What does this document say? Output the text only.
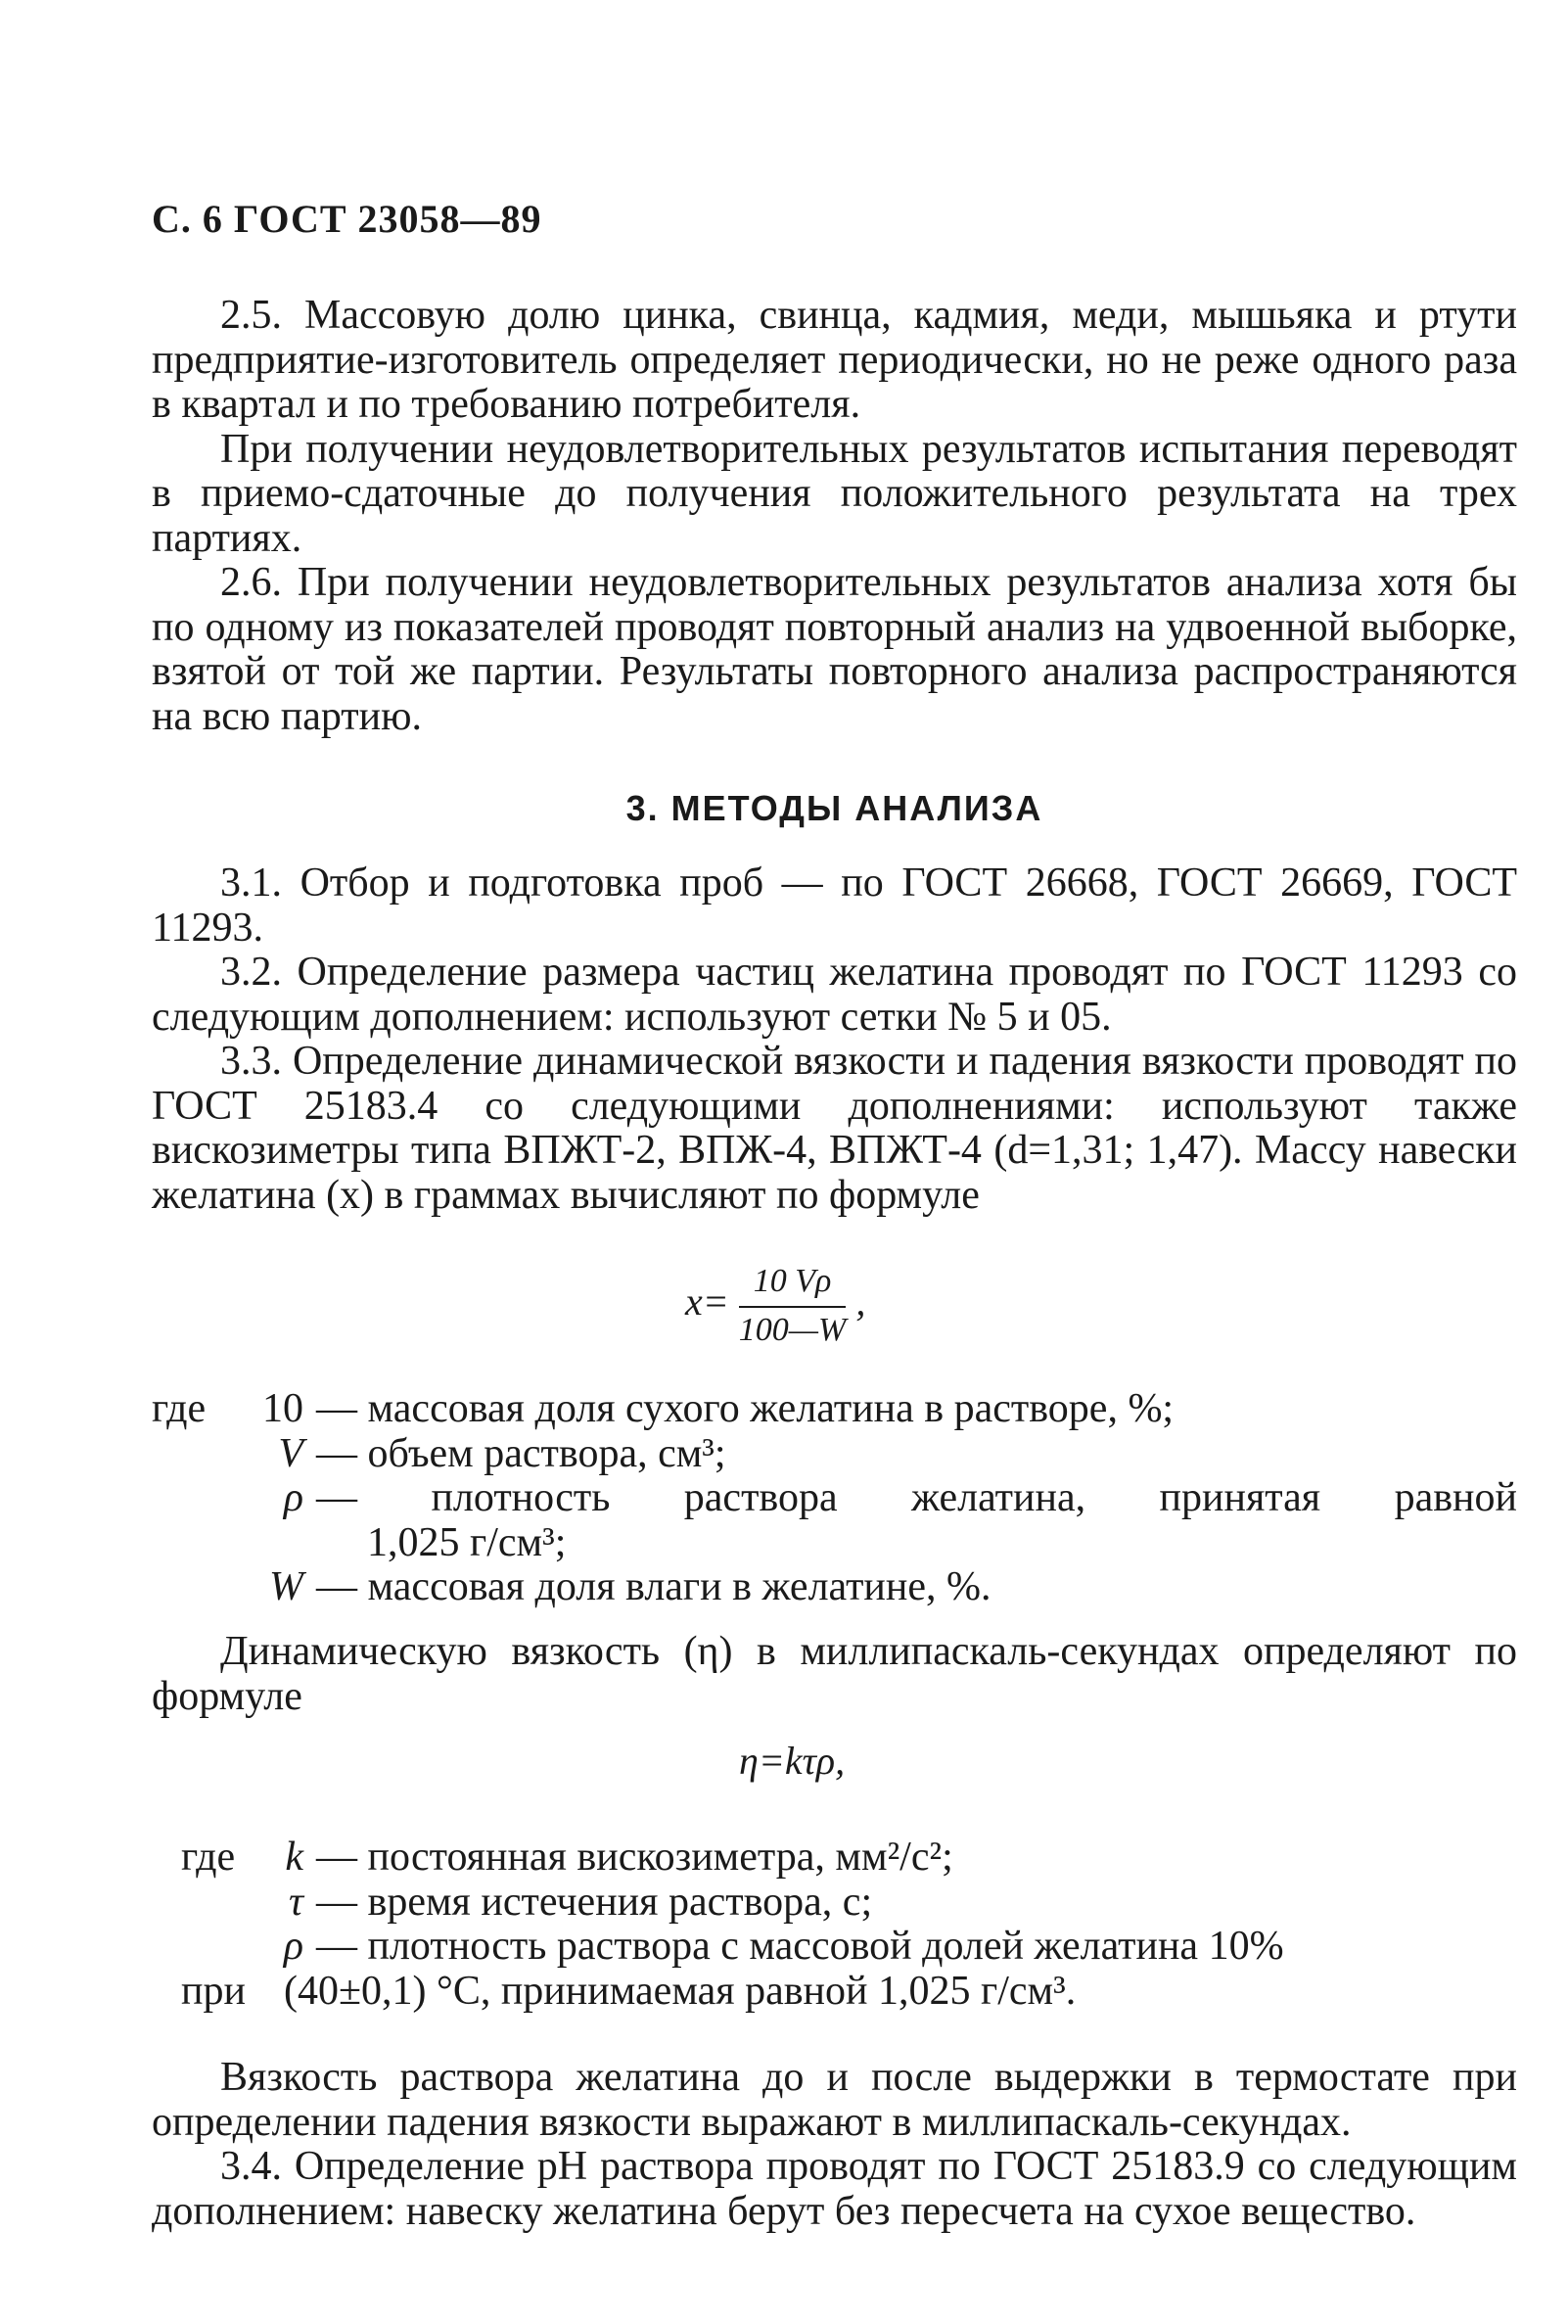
С. 6 ГОСТ 23058—89

2.5. Массовую долю цинка, свинца, кадмия, меди, мышьяка и ртути предприятие-изготовитель определяет периодически, но не реже одного раза в квартал и по требованию потребителя.

При получении неудовлетворительных результатов испытания переводят в приемо-сдаточные до получения положительного результата на трех партиях.

2.6. При получении неудовлетворительных результатов анализа хотя бы по одному из показателей проводят повторный анализ на удвоенной выборке, взятой от той же партии. Результаты повторного анализа распространяются на всю партию.

3. МЕТОДЫ АНАЛИЗА

3.1. Отбор и подготовка проб — по ГОСТ 26668, ГОСТ 26669, ГОСТ 11293.

3.2. Определение размера частиц желатина проводят по ГОСТ 11293 со следующим дополнением: используют сетки № 5 и 05.

3.3. Определение динамической вязкости и падения вязкости проводят по ГОСТ 25183.4 со следующими дополнениями: используют также вискозиметры типа ВПЖТ-2, ВПЖ-4, ВПЖТ-4 (d=1,31; 1,47). Массу навески желатина (x) в граммах вычисляют по формуле

$x= \frac{10 V\rho}{100—W}$ ,
где	10 — массовая доля сухого желатина в растворе, %;
V — объем раствора, см³;
ρ — плотность раствора желатина, принятая равной
1,025 г/см³;
W — массовая доля влаги в желатине, %.

Динамическую вязкость (η) в миллипаскаль-секундах определяют по формуле

η=kτρ,
где	k — постоянная вискозиметра, мм²/с²;
τ — время истечения раствора, с;
ρ — плотность раствора с массовой долей желатина 10%
при (40±0,1) °С, принимаемая равной 1,025 г/см³.

Вязкость раствора желатина до и после выдержки в термостате при определении падения вязкости выражают в миллипаскаль-секундах.

3.4. Определение pH раствора проводят по ГОСТ 25183.9 со следующим дополнением: навеску желатина берут без пересчета на сухое вещество.
